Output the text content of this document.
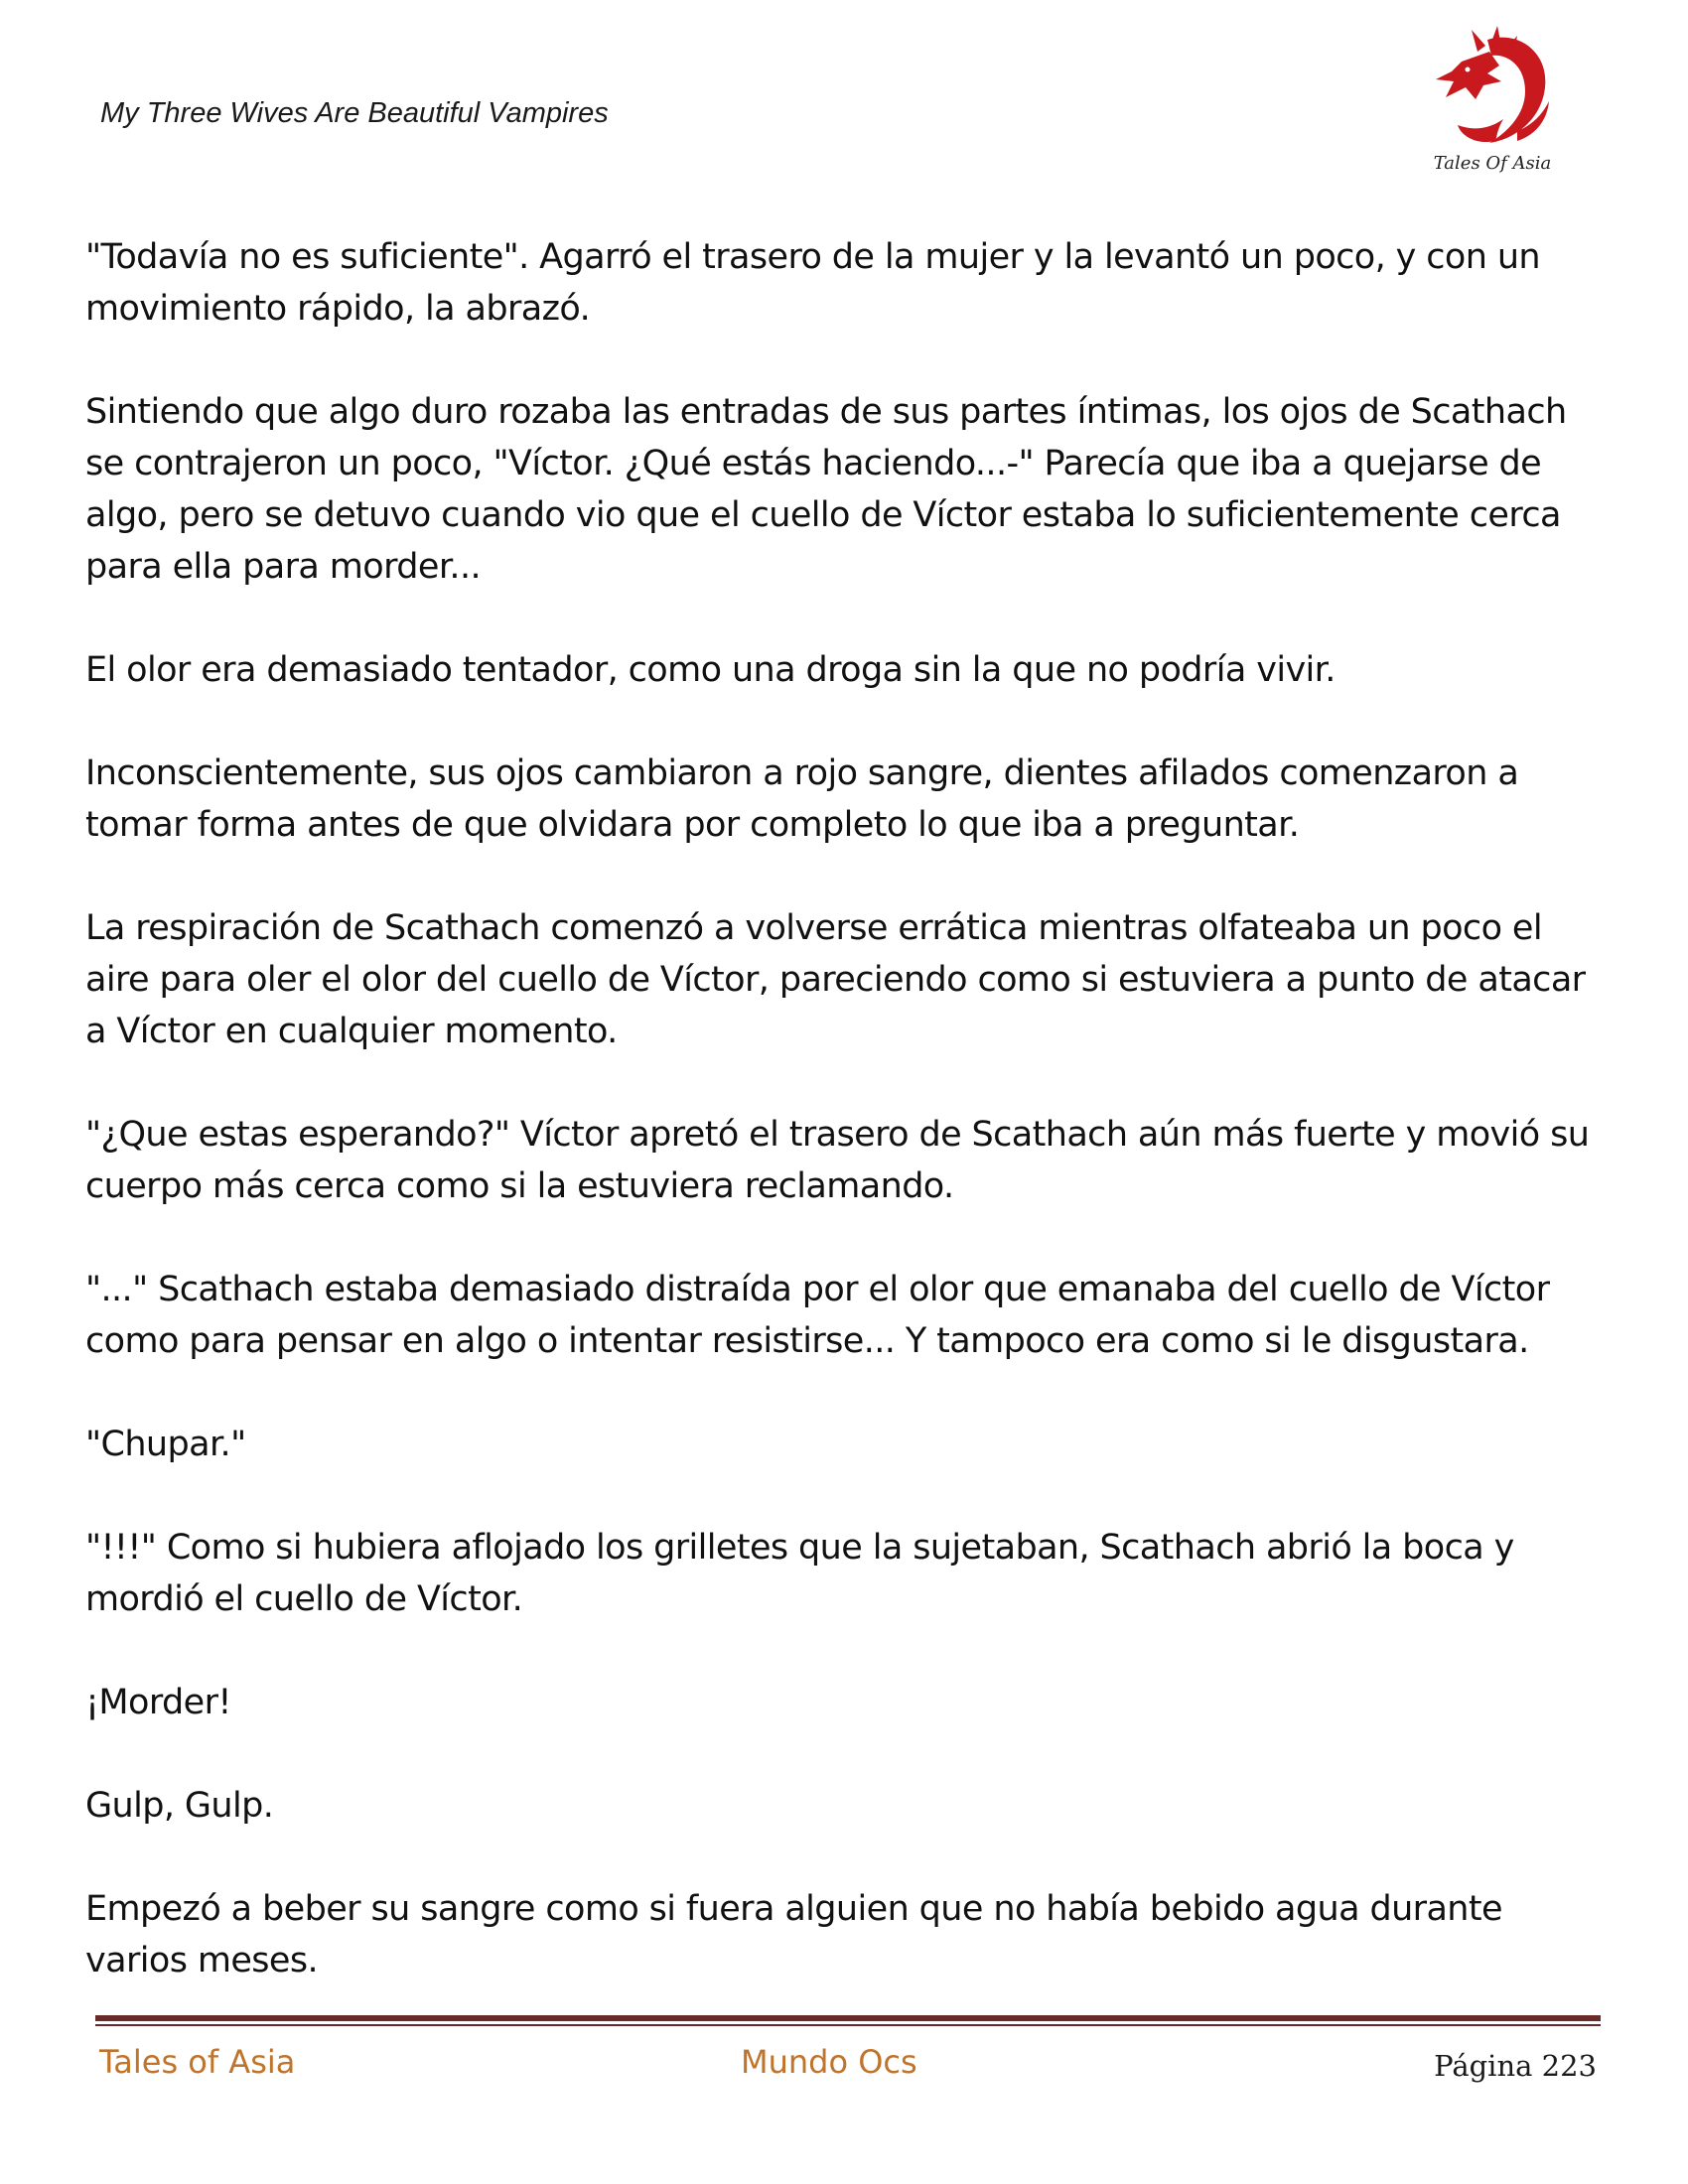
My Three Wives Are Beautiful Vampires
Tales Of Asia

"Todavía no es suficiente". Agarró el trasero de la mujer y la levantó un poco, y con un movimiento rápido, la abrazó.

Sintiendo que algo duro rozaba las entradas de sus partes íntimas, los ojos de Scathach se contrajeron un poco, "Víctor. ¿Qué estás haciendo...-" Parecía que iba a quejarse de algo, pero se detuvo cuando vio que el cuello de Víctor estaba lo suficientemente cerca para ella para morder...

El olor era demasiado tentador, como una droga sin la que no podría vivir.

Inconscientemente, sus ojos cambiaron a rojo sangre, dientes afilados comenzaron a tomar forma antes de que olvidara por completo lo que iba a preguntar.

La respiración de Scathach comenzó a volverse errática mientras olfateaba un poco el aire para oler el olor del cuello de Víctor, pareciendo como si estuviera a punto de atacar a Víctor en cualquier momento.

"¿Que estas esperando?" Víctor apretó el trasero de Scathach aún más fuerte y movió su cuerpo más cerca como si la estuviera reclamando.

"..." Scathach estaba demasiado distraída por el olor que emanaba del cuello de Víctor como para pensar en algo o intentar resistirse... Y tampoco era como si le disgustara.

"Chupar."

"!!!" Como si hubiera aflojado los grilletes que la sujetaban, Scathach abrió la boca y mordió el cuello de Víctor.

¡Morder!

Gulp, Gulp.

Empezó a beber su sangre como si fuera alguien que no había bebido agua durante varios meses.

Tales of Asia	Mundo Ocs	Página 223
